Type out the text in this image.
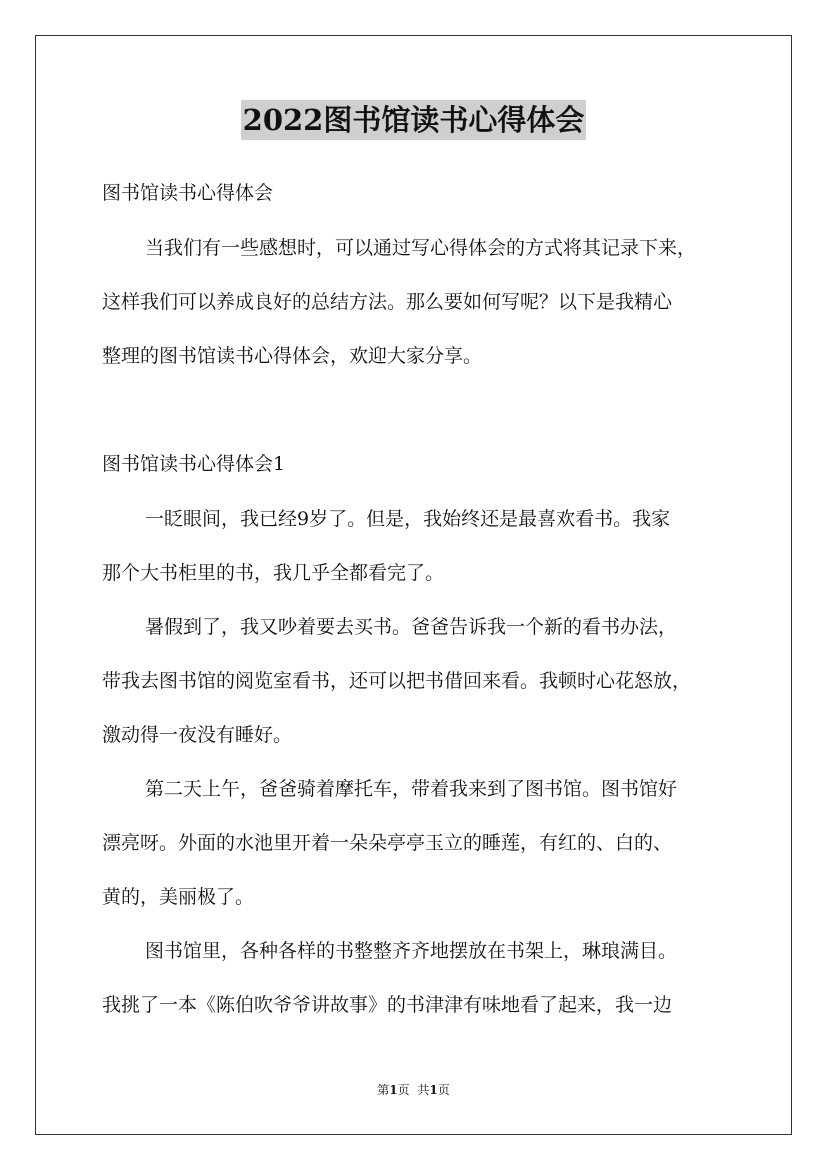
2022图书馆读书心得体会
图书馆读书心得体会
当我们有一些感想时，可以通过写心得体会的方式将其记录下来，
这样我们可以养成良好的总结方法。那么要如何写呢？以下是我精心
整理的图书馆读书心得体会，欢迎大家分享。
图书馆读书心得体会1
一眨眼间，我已经9岁了。但是，我始终还是最喜欢看书。我家
那个大书柜里的书，我几乎全都看完了。
暑假到了，我又吵着要去买书。爸爸告诉我一个新的看书办法，
带我去图书馆的阅览室看书，还可以把书借回来看。我顿时心花怒放，
激动得一夜没有睡好。
第二天上午，爸爸骑着摩托车，带着我来到了图书馆。图书馆好
漂亮呀。外面的水池里开着一朵朵亭亭玉立的睡莲，有红的、白的、
黄的，美丽极了。
图书馆里，各种各样的书整整齐齐地摆放在书架上，琳琅满目。
我挑了一本《陈伯吹爷爷讲故事》的书津津有味地看了起来，我一边
第1页 共1页
